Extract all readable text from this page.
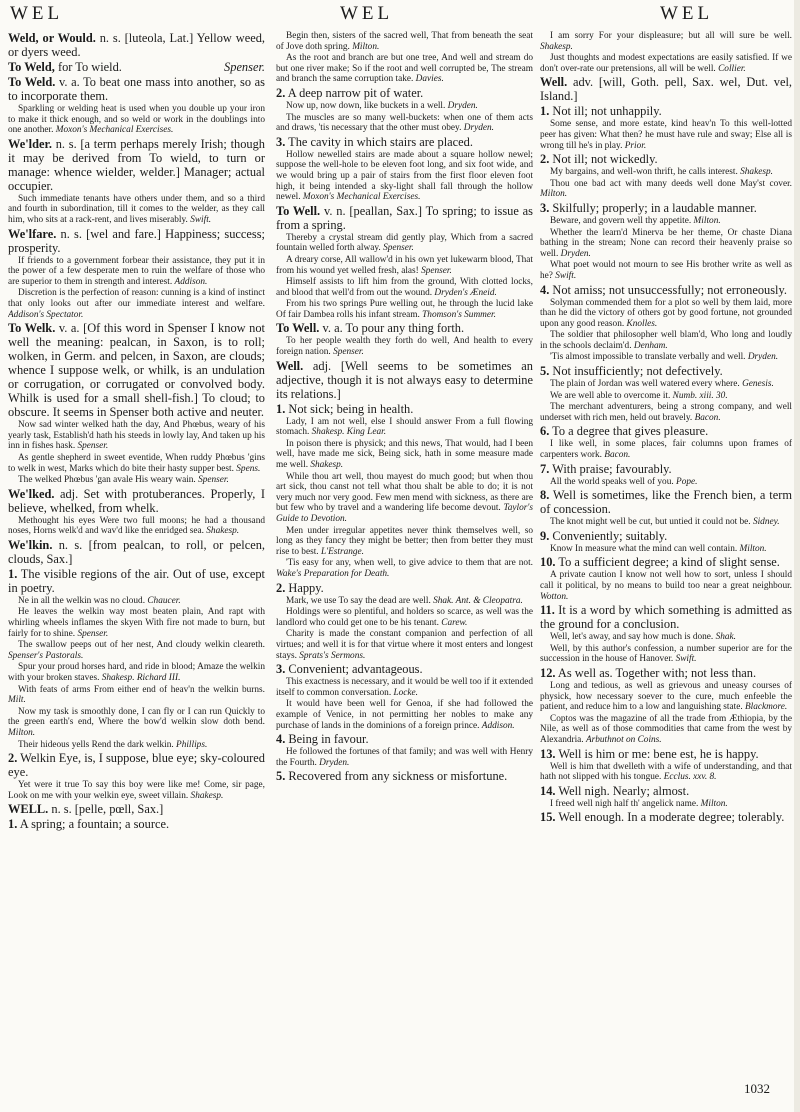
WEL	WEL	WEL
Weld, or Would. n. s. [luteola, Lat.] Yellow weed, or dyers weed.
To Weld, for To wield.	Spenser.
To Weld. v. a. To beat one mass into another, so as to incorporate them.
Sparkling or welding heat is used when you double up your iron to make it thick enough, and so weld or work in the doublings into one another. Moxon's Mechanical Exercises.
We'lder. n. s. [a term perhaps merely Irish; though it may be derived from To wield, to turn or manage: whence wielder, welder.] Manager; actual occupier.
Such immediate tenants have others under them, and so a third and fourth in subordination, till it comes to the welder, as they call him, who sits at a rack-rent, and lives miserably. Swift.
We'lfare. n. s. [wel and fare.] Happiness; success; prosperity.
If friends to a government forbear their assistance, they put it in the power of a few desperate men to ruin the welfare of those who are superior to them in strength and interest. Addison.
Discretion is the perfection of reason: cunning is a kind of instinct that only looks out after our immediate interest and welfare. Addison's Spectator.
To Welk. v. a. [Of this word in Spenser I know not well the meaning: pealcan, in Saxon, is to roll; wolken, in Germ. and pelcen, in Saxon, are clouds; whence I suppose welk, or whilk, is an undulation or corrugation, or corrugated or convolved body. Whilk is used for a small shell-fish.] To cloud; to obscure. It seems in Spenser both active and neuter.
Now sad winter welked hath the day, And Phœbus, weary of his yearly task, Establish'd hath his steeds in lowly lay, And taken up his inn in fishes hask. Spenser.
As gentle shepherd in sweet eventide, When ruddy Phœbus 'gins to welk in west, Marks which do bite their hasty supper best. Spens.
The welked Phœbus 'gan avale His weary wain. Spenser.
We'lked. adj. Set with protuberances. Properly, I believe, whelked, from whelk.
Methought his eyes Were two full moons; he had a thousand noses, Horns welk'd and wav'd like the enridged sea. Shakesp.
We'lkin. n. s. [from pealcan, to roll, or pelcen, clouds, Sax.]
1. The visible regions of the air. Out of use, except in poetry.
Ne in all the welkin was no cloud. Chaucer.
He leaves the welkin way most beaten plain, And rapt with whirling wheels inflames the skyen With fire not made to burn, but fairly for to shine. Spenser.
The swallow peeps out of her nest, And cloudy welkin cleareth. Spenser's Pastorals.
Spur your proud horses hard, and ride in blood; Amaze the welkin with your broken staves. Shakesp. Richard III.
With feats of arms From either end of heav'n the welkin burns. Milt.
Now my task is smoothly done, I can fly or I can run Quickly to the green earth's end, Where the bow'd welkin slow doth bend. Milton.
Their hideous yells Rend the dark welkin. Phillips.
2. Welkin Eye, is, I suppose, blue eye; sky-coloured eye.
Yet were it true To say this boy were like me! Come, sir page, Look on me with your welkin eye, sweet villain. Shakesp.
WELL. n. s. [pelle, pœll, Sax.]
1. A spring; a fountain; a source.
Begin then, sisters of the sacred well, That from beneath the seat of Jove doth spring. Milton.
As the root and branch are but one tree, And well and stream do but one river make; So if the root and well corrupted be, The stream and branch the same corruption take. Davies.
2. A deep narrow pit of water.
Now up, now down, like buckets in a well. Dryden.
The muscles are so many well-buckets: when one of them acts and draws, 'tis necessary that the other must obey. Dryden.
3. The cavity in which stairs are placed.
Hollow newelled stairs are made about a square hollow newel; suppose the well-hole to be eleven foot long, and six foot wide, and we would bring up a pair of stairs from the first floor eleven foot high, it being intended a sky-light shall fall through the hollow newel. Moxon's Mechanical Exercises.
To Well. v. n. [peallan, Sax.] To spring; to issue as from a spring.
Thereby a crystal stream did gently play, Which from a sacred fountain welled forth alway. Spenser.
A dreary corse, All wallow'd in his own yet lukewarm blood, That from his wound yet welled fresh, alas! Spenser.
Himself assists to lift him from the ground, With clotted locks, and blood that well'd from out the wound. Dryden's Æneid.
From his two springs Pure welling out, he through the lucid lake Of fair Dambea rolls his infant stream. Thomson's Summer.
To Well. v. a. To pour any thing forth.
To her people wealth they forth do well, And health to every foreign nation. Spenser.
Well. adj. [Well seems to be sometimes an adjective, though it is not always easy to determine its relations.]
1. Not sick; being in health.
Lady, I am not well, else I should answer From a full flowing stomach. Shakesp. King Lear.
In poison there is physick; and this news, That would, had I been well, have made me sick, Being sick, hath in some measure made me well. Shakesp.
While thou art well, thou mayest do much good; but when thou art sick, thou canst not tell what thou shalt be able to do; it is not very much nor very good. Few men mend with sickness, as there are but few who by travel and a wandering life become devout. Taylor's Guide to Devotion.
Men under irregular appetites never think themselves well, so long as they fancy they might be better; then from better they must rise to best. L'Estrange.
'Tis easy for any, when well, to give advice to them that are not. Wake's Preparation for Death.
2. Happy.
Mark, we use To say the dead are well. Shak. Ant. & Cleopatra.
Holdings were so plentiful, and holders so scarce, as well was the landlord who could get one to be his tenant. Carew.
Charity is made the constant companion and perfection of all virtues; and well it is for that virtue where it most enters and longest stays. Sprats's Sermons.
3. Convenient; advantageous.
This exactness is necessary, and it would be well too if it extended itself to common conversation. Locke.
It would have been well for Genoa, if she had followed the example of Venice, in not permitting her nobles to make any purchase of lands in the dominions of a foreign prince. Addison.
4. Being in favour.
He followed the fortunes of that family; and was well with Henry the Fourth. Dryden.
5. Recovered from any sickness or misfortune.
I am sorry For your displeasure; but all will sure be well. Shakesp.
Just thoughts and modest expectations are easily satisfied. If we don't over-rate our pretensions, all will be well. Collier.
Well. adv. [will, Goth. pell, Sax. wel, Dut. vel, Island.]
1. Not ill; not unhappily.
Some sense, and more estate, kind heav'n To this well-lotted peer has given: What then? he must have rule and sway; Else all is wrong till he's in play. Prior.
2. Not ill; not wickedly.
My bargains, and well-won thrift, he calls interest. Shakesp.
Thou one bad act with many deeds well done May'st cover. Milton.
3. Skilfully; properly; in a laudable manner.
Beware, and govern well thy appetite. Milton.
Whether the learn'd Minerva be her theme, Or chaste Diana bathing in the stream; None can record their heavenly praise so well. Dryden.
What poet would not mourn to see His brother write as well as he? Swift.
4. Not amiss; not unsuccessfully; not erroneously.
Solyman commended them for a plot so well by them laid, more than he did the victory of others got by good fortune, not grounded upon any good reason. Knolles.
The soldier that philosopher well blam'd, Who long and loudly in the schools declaim'd. Denham.
'Tis almost impossible to translate verbally and well. Dryden.
5. Not insufficiently; not defectively.
The plain of Jordan was well watered every where. Genesis.
We are well able to overcome it. Numb. xiii. 30.
The merchant adventurers, being a strong company, and well underset with rich men, held out bravely. Bacon.
6. To a degree that gives pleasure.
I like well, in some places, fair columns upon frames of carpenters work. Bacon.
7. With praise; favourably.
All the world speaks well of you. Pope.
8. Well is sometimes, like the French bien, a term of concession.
The knot might well be cut, but untied it could not be. Sidney.
9. Conveniently; suitably.
Know In measure what the mind can well contain. Milton.
10. To a sufficient degree; a kind of slight sense.
A private caution I know not well how to sort, unless I should call it political, by no means to build too near a great neighbour. Wotton.
11. It is a word by which something is admitted as the ground for a conclusion.
Well, let's away, and say how much is done. Shak.
Well, by this author's confession, a number superior are for the succession in the house of Hanover. Swift.
12. As well as. Together with; not less than.
Long and tedious, as well as grievous and uneasy courses of physick, how necessary soever to the cure, much enfeeble the patient, and reduce him to a low and languishing state. Blackmore.
Coptos was the magazine of all the trade from Æthiopia, by the Nile, as well as of those commodities that came from the west by Alexandria. Arbuthnot on Coins.
13. Well is him or me: bene est, he is happy.
Well is him that dwelleth with a wife of understanding, and that hath not slipped with his tongue. Ecclus. xxv. 8.
14. Well nigh. Nearly; almost.
I freed well nigh half th' angelick name. Milton.
15. Well enough. In a moderate degree; tolerably.
1032
